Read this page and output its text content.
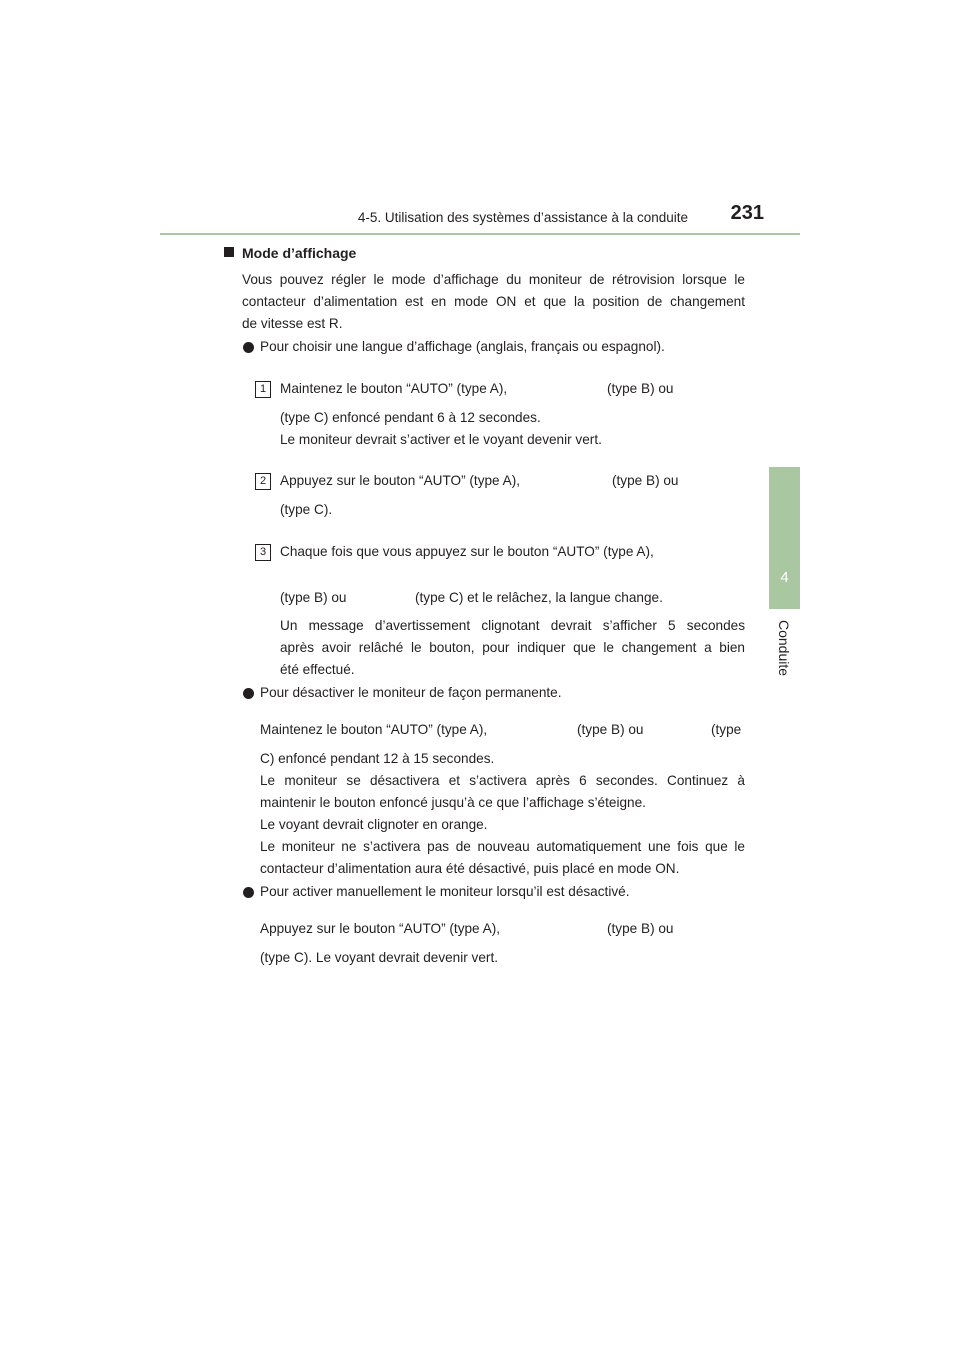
4-5. Utilisation des systèmes d’assistance à la conduite	231
4
Conduite
Mode d’affichage
Vous pouvez régler le mode d’affichage du moniteur de rétrovision lorsque le
contacteur d’alimentation est en mode ON et que la position de changement
de vitesse est R.
Pour choisir une langue d’affichage (anglais, français ou espagnol).
1	Maintenez le bouton “AUTO” (type A),	(type B) ou
(type C) enfoncé pendant 6 à 12 secondes.
Le moniteur devrait s’activer et le voyant devenir vert.
2	Appuyez sur le bouton “AUTO” (type A),	(type B) ou
(type C).
3	Chaque fois que vous appuyez sur le bouton “AUTO” (type A),
(type B) ou	(type C) et le relâchez, la langue change.
Un message d’avertissement clignotant devrait s’afficher 5 secondes
après avoir relâché le bouton, pour indiquer que le changement a bien
été effectué.
Pour désactiver le moniteur de façon permanente.
Maintenez le bouton “AUTO” (type A),	(type B) ou	(type
C) enfoncé pendant 12 à 15 secondes.
Le moniteur se désactivera et s’activera après 6 secondes. Continuez à
maintenir le bouton enfoncé jusqu’à ce que l’affichage s’éteigne.
Le voyant devrait clignoter en orange.
Le moniteur ne s’activera pas de nouveau automatiquement une fois que le
contacteur d’alimentation aura été désactivé, puis placé en mode ON.
Pour activer manuellement le moniteur lorsqu’il est désactivé.
Appuyez sur le bouton “AUTO” (type A),	(type B) ou
(type C). Le voyant devrait devenir vert.
